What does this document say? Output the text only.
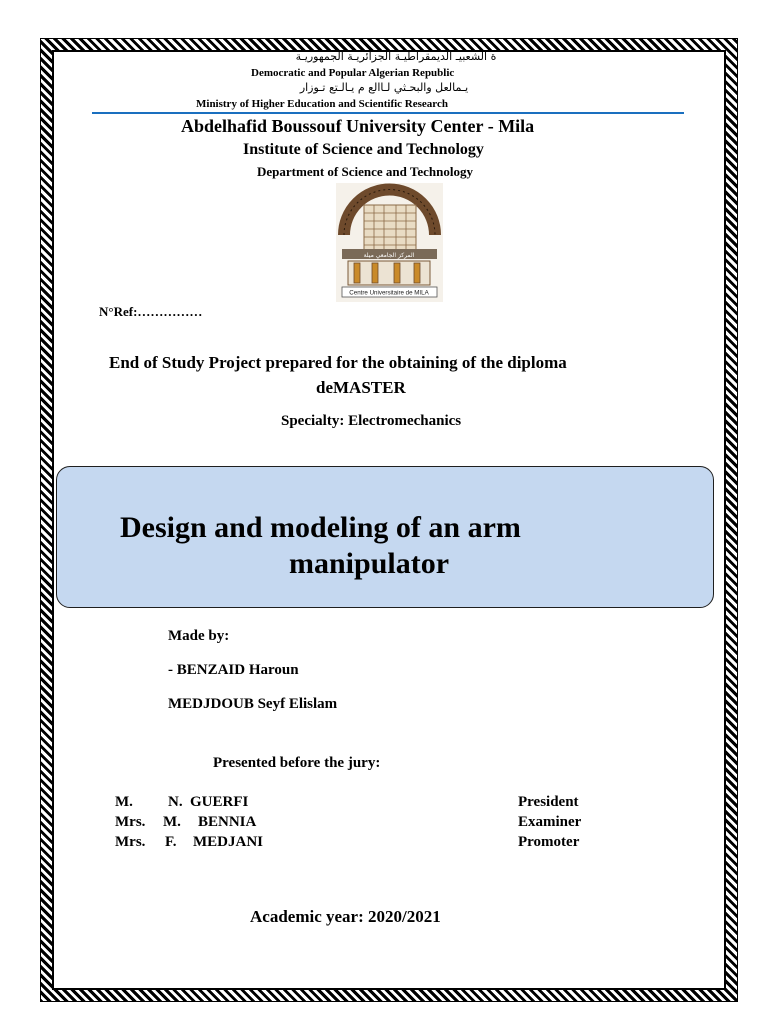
ة الشعبيـ الديمقراطيـة الجزائريـة الجمهوريـة
Democratic and Popular Algerian Republic
يـمالعل والبحـثي لـاالع م يـالـتع تـوزار
Ministry of Higher Education and Scientific Research
Abdelhafid Boussouf University Center - Mila
Institute of Science and Technology
Department of Science and Technology
المركز الجامعي ميلة
Centre Universitaire de MILA
N°Ref:……………
End of Study Project prepared for the obtaining of the diploma
deMASTER
Specialty: Electromechanics
Design and modeling of an arm
manipulator
Made by:
- BENZAID Haroun
MEDJDOUB Seyf Elislam
Presented before the jury:
M. N. GUERFI	President
Mrs. M. BENNIA	Examiner
Mrs. F. MEDJANI	Promoter
Academic year: 2020/2021
